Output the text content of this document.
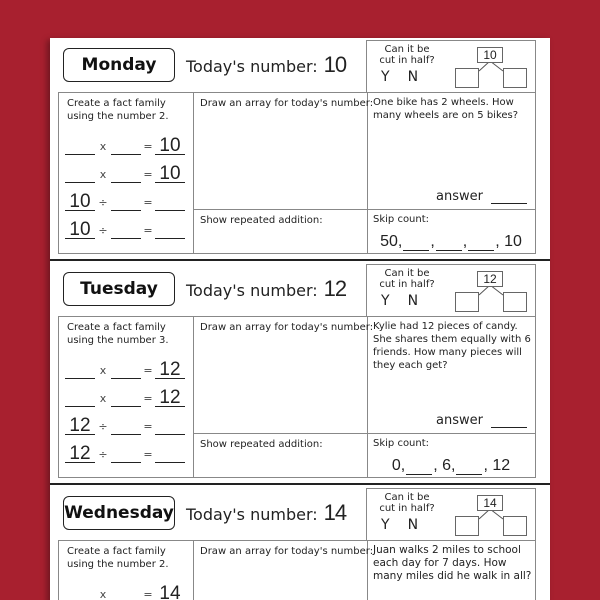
Monday	Today's number: 10
Can it be cut in half?
Y N
10
Create a fact family using the number 2.
x	= 10
x	= 10
10 ÷	=
10 ÷	=
Draw an array for today's number:
Show repeated addition:
One bike has 2 wheels. How many wheels are on 5 bikes?
answer
Skip count:
50, , , , 10
Tuesday	Today's number: 12
Can it be cut in half?
Y N
12
Create a fact family using the number 3.
x	= 12
x	= 12
12 ÷	=
12 ÷	=
Draw an array for today's number:
Show repeated addition:
Kylie had 12 pieces of candy. She shares them equally with 6 friends. How many pieces will they each get?
answer
Skip count:
0, , 6, , 12
Wednesday Today's number: 14
Can it be cut in half?
Y N
14
Create a fact family using the number 2.
x	= 14
Draw an array for today's number: Juan walks 2 miles to school each day for 7 days. How many miles did he walk in all?
